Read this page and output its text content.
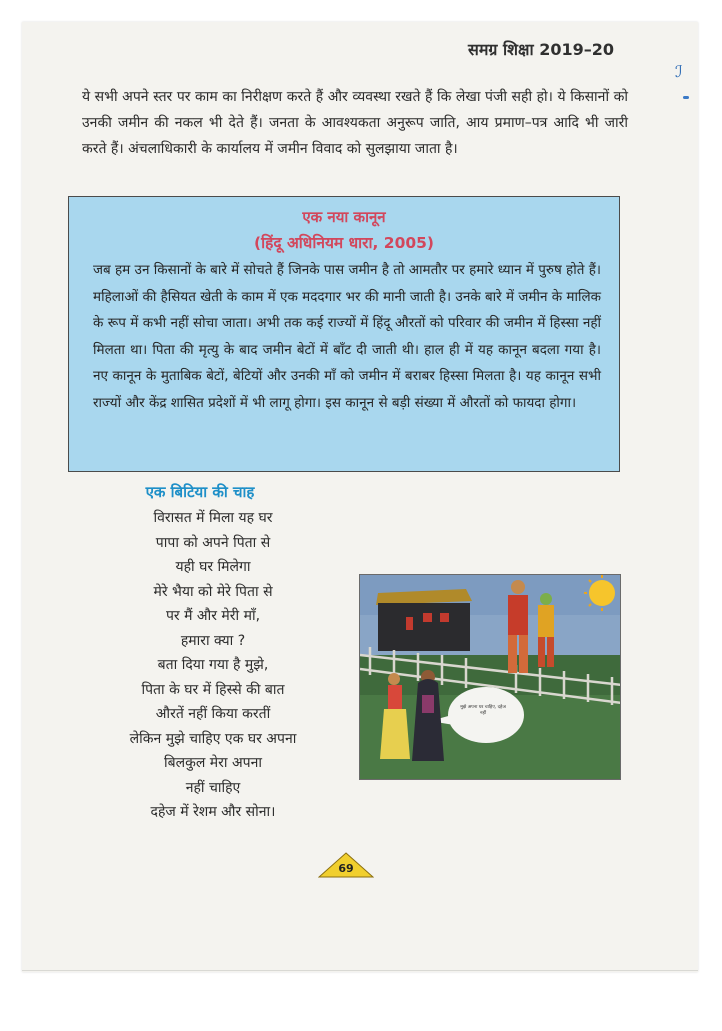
समग्र शिक्षा 2019–20
ℐ

ये सभी अपने स्तर पर काम का निरीक्षण करते हैं और व्यवस्था रखते हैं कि लेखा पंजी सही हो। ये किसानों को उनकी जमीन की नकल भी देते हैं। जनता के आवश्यकता अनुरूप जाति, आय प्रमाण–पत्र आदि भी जारी करते हैं। अंचलाधिकारी के कार्यालय में जमीन विवाद को सुलझाया जाता है।

एक नया कानून
(हिंदू अधिनियम धारा, 2005)
जब हम उन किसानों के बारे में सोचते हैं जिनके पास जमीन है तो आमतौर पर हमारे ध्यान में पुरुष होते हैं। महिलाओं की हैसियत खेती के काम में एक मददगार भर की मानी जाती है। उनके बारे में जमीन के मालिक के रूप में कभी नहीं सोचा जाता। अभी तक कई राज्यों में हिंदू औरतों को परिवार की जमीन में हिस्सा नहीं मिलता था। पिता की मृत्यु के बाद जमीन बेटों में बाँट दी जाती थी। हाल ही में यह कानून बदला गया है। नए कानून के मुताबिक बेटों, बेटियों और उनकी माँ को जमीन में बराबर हिस्सा मिलता है। यह कानून सभी राज्यों और केंद्र शासित प्रदेशों में भी लागू होगा। इस कानून से बड़ी संख्या में औरतों को फायदा होगा।
एक बिटिया की चाह
विरासत में मिला यह घर
पापा को अपने पिता से
यही घर मिलेगा
मेरे भैया को मेरे पिता से
पर मैं और मेरी माँ,
हमारा क्या ?
बता दिया गया है मुझे,
पिता के घर में हिस्से की बात
औरतें नहीं किया करतीं
लेकिन मुझे चाहिए एक घर अपना
बिलकुल मेरा अपना
नहीं चाहिए
दहेज में रेशम और सोना।
मुझे अपना घर चाहिए, दहेज नहीं
69
